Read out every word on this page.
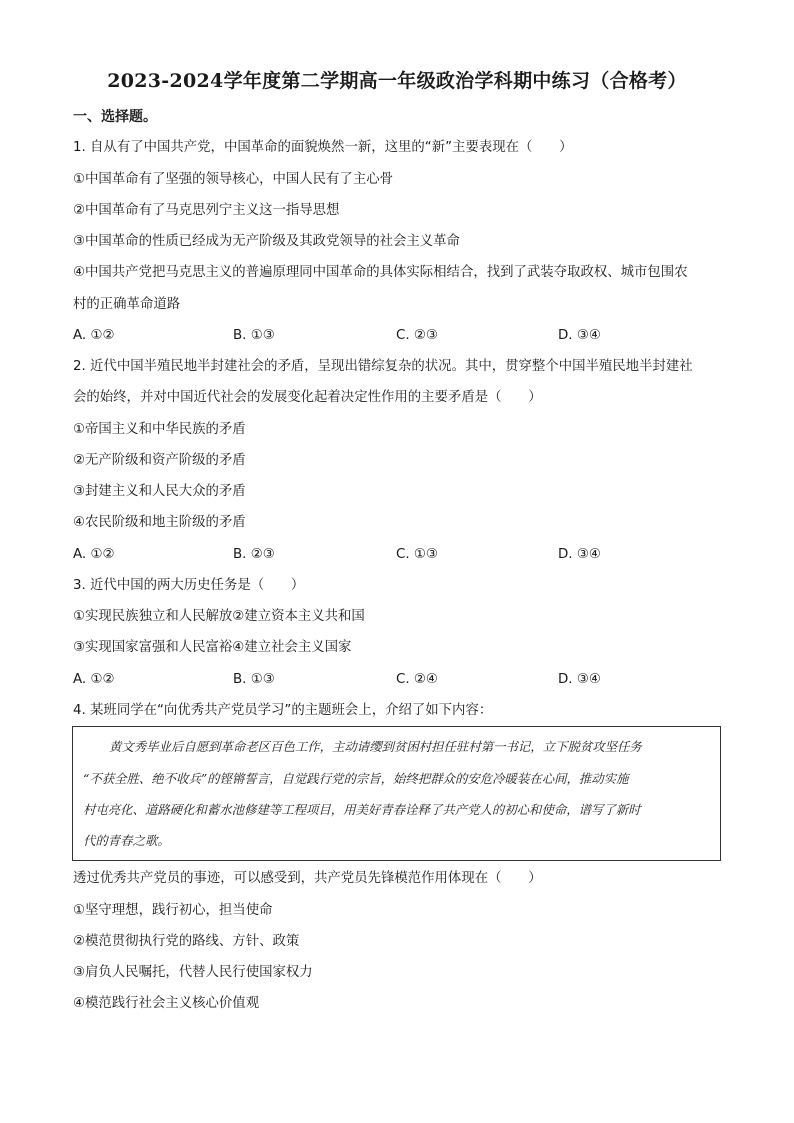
2023-2024学年度第二学期高一年级政治学科期中练习（合格考）
一、选择题。
1. 自从有了中国共产党，中国革命的面貌焕然一新，这里的“新”主要表现在（　　）
①中国革命有了坚强的领导核心，中国人民有了主心骨
②中国革命有了马克思列宁主义这一指导思想
③中国革命的性质已经成为无产阶级及其政党领导的社会主义革命
④中国共产党把马克思主义的普遍原理同中国革命的具体实际相结合，找到了武装夺取政权、城市包围农
村的正确革命道路
A. ①②	B. ①③	C. ②③	D. ③④
2. 近代中国半殖民地半封建社会的矛盾，呈现出错综复杂的状况。其中，贯穿整个中国半殖民地半封建社
会的始终，并对中国近代社会的发展变化起着决定性作用的主要矛盾是（　　）
①帝国主义和中华民族的矛盾
②无产阶级和资产阶级的矛盾
③封建主义和人民大众的矛盾
④农民阶级和地主阶级的矛盾
A. ①②	B. ②③	C. ①③	D. ③④
3. 近代中国的两大历史任务是（　　）
①实现民族独立和人民解放②建立资本主义共和国
③实现国家富强和人民富裕④建立社会主义国家
A. ①②	B. ①③	C. ②④	D. ③④
4. 某班同学在“向优秀共产党员学习”的主题班会上，介绍了如下内容：
黄文秀毕业后自愿到革命老区百色工作，主动请缨到贫困村担任驻村第一书记，立下脱贫攻坚任务
“不获全胜、绝不收兵”的铿锵誓言，自觉践行党的宗旨，始终把群众的安危冷暖装在心间，推动实施
村屯亮化、道路硬化和蓄水池修建等工程项目，用美好青春诠释了共产党人的初心和使命，谱写了新时
代的青春之歌。
透过优秀共产党员的事迹，可以感受到，共产党员先锋模范作用体现在（　　）
①坚守理想，践行初心，担当使命
②模范贯彻执行党的路线、方针、政策
③肩负人民嘱托，代替人民行使国家权力
④模范践行社会主义核心价值观
